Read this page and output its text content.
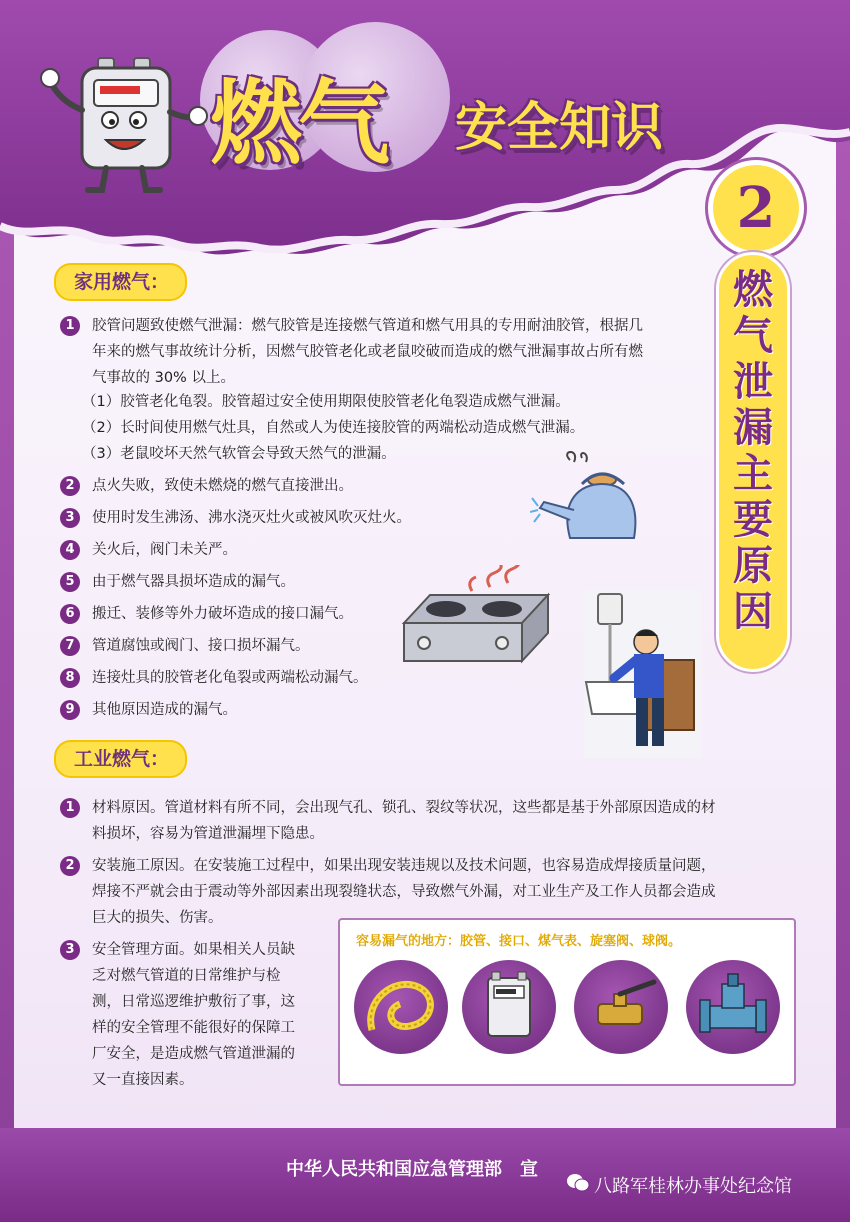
燃气 安全知识
2
燃
气
泄
漏
主
要
原
因
家用燃气：
1	胶管问题致使燃气泄漏：燃气胶管是连接燃气管道和燃气用具的专用耐油胶管，根据几
年来的燃气事故统计分析，因燃气胶管老化或老鼠咬破而造成的燃气泄漏事故占所有燃
气事故的 30% 以上。
（1）胶管老化龟裂。胶管超过安全使用期限使胶管老化龟裂造成燃气泄漏。
（2）长时间使用燃气灶具，自然或人为使连接胶管的两端松动造成燃气泄漏。
（3）老鼠咬坏天然气软管会导致天然气的泄漏。
2	点火失败，致使未燃烧的燃气直接泄出。
3	使用时发生沸汤、沸水浇灭灶火或被风吹灭灶火。
4	关火后，阀门未关严。
5	由于燃气器具损坏造成的漏气。
6	搬迁、装修等外力破坏造成的接口漏气。
7	管道腐蚀或阀门、接口损坏漏气。
8	连接灶具的胶管老化龟裂或两端松动漏气。
9	其他原因造成的漏气。
工业燃气：
1	材料原因。管道材料有所不同，会出现气孔、锁孔、裂纹等状况，这些都是基于外部原因造成的材
料损坏，容易为管道泄漏埋下隐患。
2	安装施工原因。在安装施工过程中，如果出现安装违规以及技术问题，也容易造成焊接质量问题，
焊接不严就会由于震动等外部因素出现裂缝状态，导致燃气外漏，对工业生产及工作人员都会造成
巨大的损失、伤害。
3	安全管理方面。如果相关人员缺
乏对燃气管道的日常维护与检
测，日常巡逻维护敷衍了事，这
样的安全管理不能很好的保障工
厂安全，是造成燃气管道泄漏的
又一直接因素。
容易漏气的地方：胶管、接口、煤气表、旋塞阀、球阀。
中华人民共和国应急管理部　宣
八路军桂林办事处纪念馆
